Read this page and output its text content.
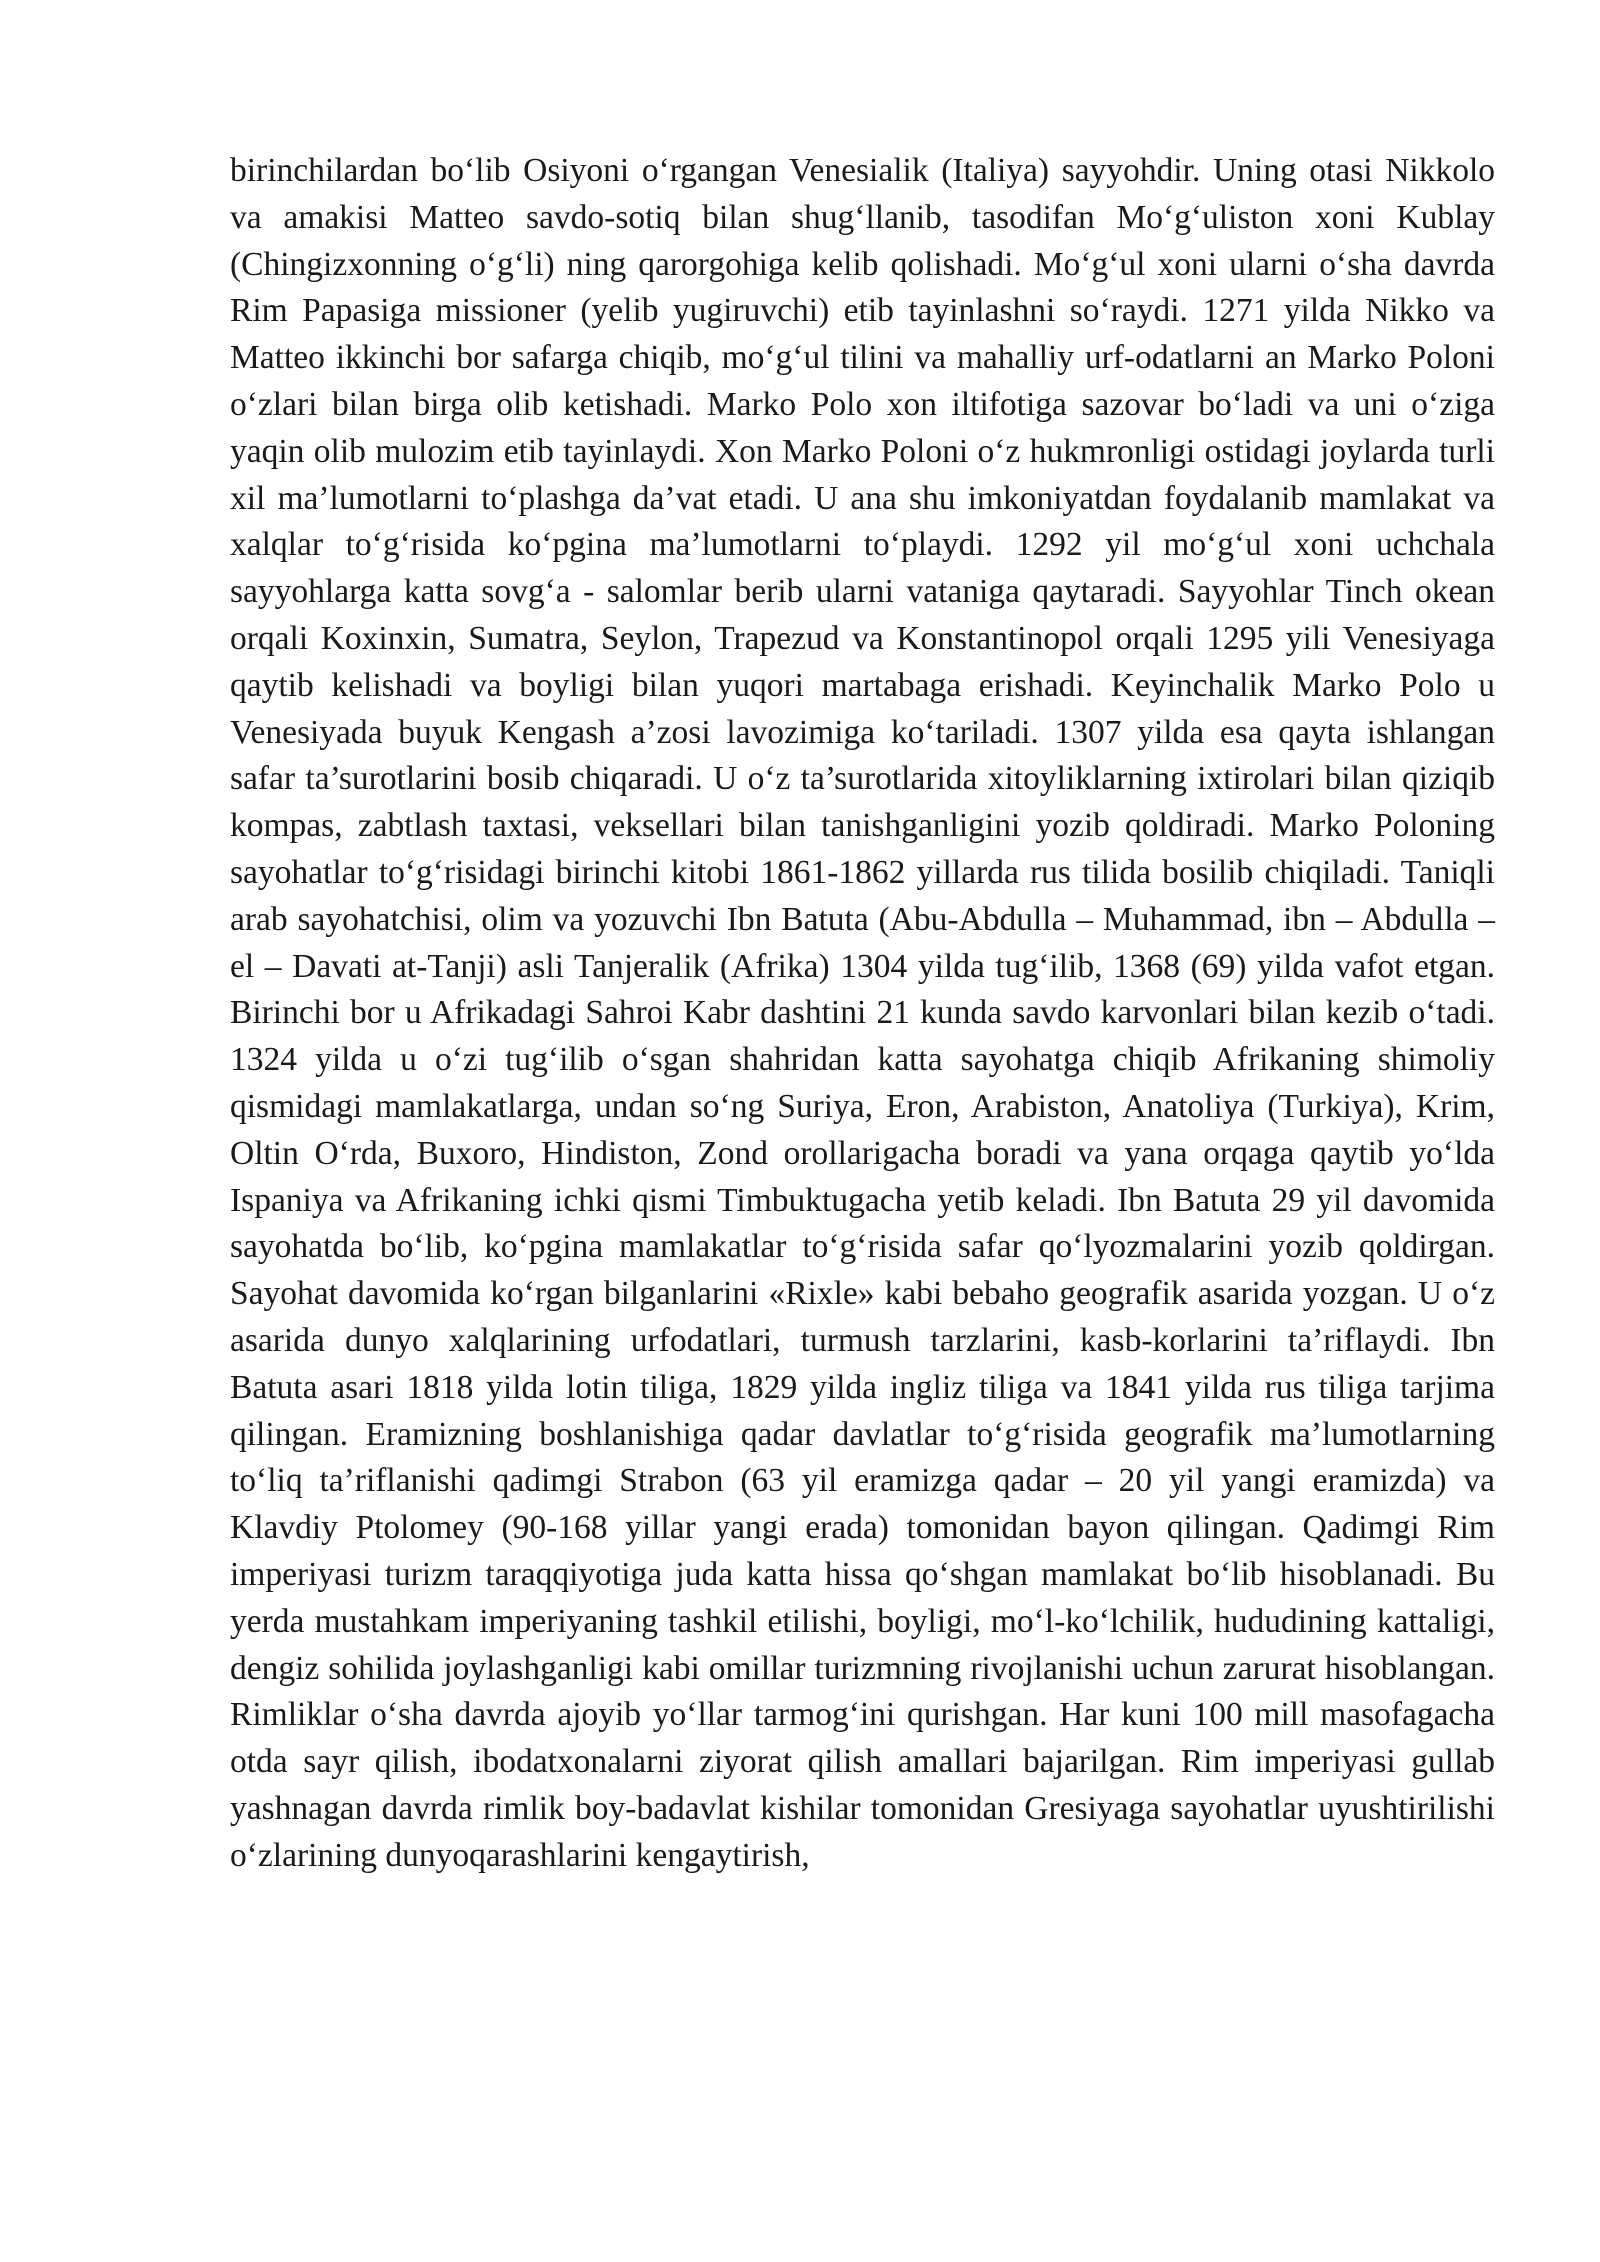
birinchilardan bo‘lib Osiyoni o‘rgangan Venesialik (Italiya) sayyohdir. Uning otasi Nikkolo va amakisi Matteo savdo-sotiq bilan shug‘llanib, tasodifan Mo‘g‘uliston xoni Kublay (Chingizxonning o‘g‘li) ning qarorgohiga kelib qolishadi. Mo‘g‘ul xoni ularni o‘sha davrda Rim Papasiga missioner (yelib yugiruvchi) etib tayinlashni so‘raydi. 1271 yilda Nikko va Matteo ikkinchi bor safarga chiqib, mo‘g‘ul tilini va mahalliy urf-odatlarni an Marko Poloni o‘zlari bilan birga olib ketishadi. Marko Polo xon iltifotiga sazovar bo‘ladi va uni o‘ziga yaqin olib mulozim etib tayinlaydi. Xon Marko Poloni o‘z hukmronligi ostidagi joylarda turli xil ma’lumotlarni to‘plashga da’vat etadi. U ana shu imkoniyatdan foydalanib mamlakat va xalqlar to‘g‘risida ko‘pgina ma’lumotlarni to‘playdi. 1292 yil mo‘g‘ul xoni uchchala sayyohlarga katta sovg‘a - salomlar berib ularni vataniga qaytaradi. Sayyohlar Tinch okean orqali Koxinxin, Sumatra, Seylon, Trapezud va Konstantinopol orqali 1295 yili Venesiyaga qaytib kelishadi va boyligi bilan yuqori martabaga erishadi. Keyinchalik Marko Polo u Venesiyada buyuk Kengash a’zosi lavozimiga ko‘tariladi. 1307 yilda esa qayta ishlangan safar ta’surotlarini bosib chiqaradi. U o‘z ta’surotlarida xitoyliklarning ixtirolari bilan qiziqib kompas, zabtlash taxtasi, veksellari bilan tanishganligini yozib qoldiradi. Marko Poloning sayohatlar to‘g‘risidagi birinchi kitobi 1861-1862 yillarda rus tilida bosilib chiqiladi. Taniqli arab sayohatchisi, olim va yozuvchi Ibn Batuta (Abu-Abdulla – Muhammad, ibn – Abdulla – el – Davati at-Tanji) asli Tanjeralik (Afrika) 1304 yilda tug‘ilib, 1368 (69) yilda vafot etgan. Birinchi bor u Afrikadagi Sahroi Kabr dashtini 21 kunda savdo karvonlari bilan kezib o‘tadi. 1324 yilda u o‘zi tug‘ilib o‘sgan shahridan katta sayohatga chiqib Afrikaning shimoliy qismidagi mamlakatlarga, undan so‘ng Suriya, Eron, Arabiston, Anatoliya (Turkiya), Krim, Oltin O‘rda, Buxoro, Hindiston, Zond orollarigacha boradi va yana orqaga qaytib yo‘lda Ispaniya va Afrikaning ichki qismi Timbuktugacha yetib keladi. Ibn Batuta 29 yil davomida sayohatda bo‘lib, ko‘pgina mamlakatlar to‘g‘risida safar qo‘lyozmalarini yozib qoldirgan. Sayohat davomida ko‘rgan bilganlarini «Rixle» kabi bebaho geografik asarida yozgan. U o‘z asarida dunyo xalqlarining urfodatlari, turmush tarzlarini, kasb-korlarini ta’riflaydi. Ibn Batuta asari 1818 yilda lotin tiliga, 1829 yilda ingliz tiliga va 1841 yilda rus tiliga tarjima qilingan. Eramizning boshlanishiga qadar davlatlar to‘g‘risida geografik ma’lumotlarning to‘liq ta’riflanishi qadimgi Strabon (63 yil eramizga qadar – 20 yil yangi eramizda) va Klavdiy Ptolomey (90-168 yillar yangi erada) tomonidan bayon qilingan. Qadimgi Rim imperiyasi turizm taraqqiyotiga juda katta hissa qo‘shgan mamlakat bo‘lib hisoblanadi. Bu yerda mustahkam imperiyaning tashkil etilishi, boyligi, mo‘l-ko‘lchilik, hududining kattaligi, dengiz sohilida joylashganligi kabi omillar turizmning rivojlanishi uchun zarurat hisoblangan. Rimliklar o‘sha davrda ajoyib yo‘llar tarmog‘ini qurishgan. Har kuni 100 mill masofagacha otda sayr qilish, ibodatxonalarni ziyorat qilish amallari bajarilgan. Rim imperiyasi gullab yashnagan davrda rimlik boy-badavlat kishilar tomonidan Gresiyaga sayohatlar uyushtirilishi o‘zlarining dunyoqarashlarini kengaytirish,
